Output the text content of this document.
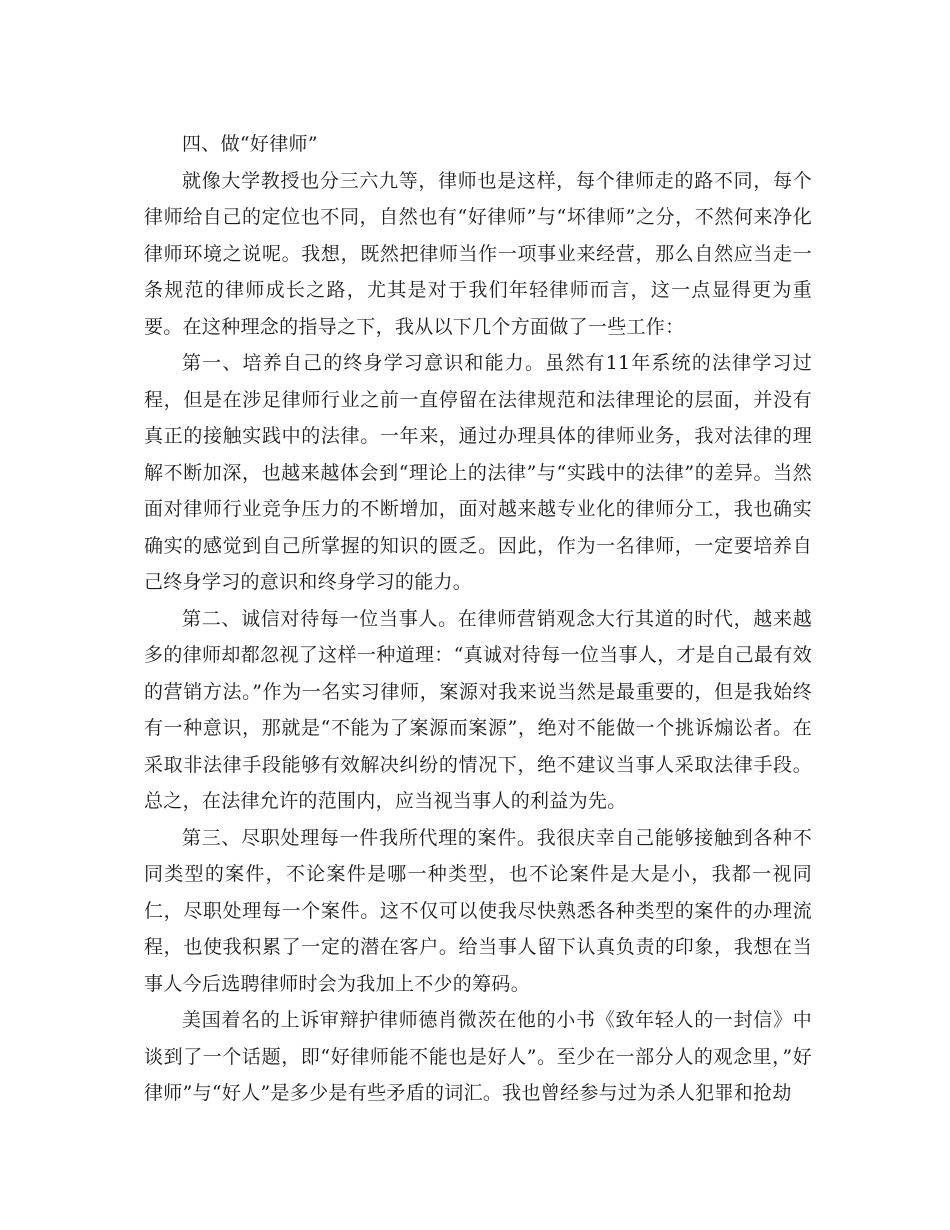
四、做“好律师”

就像大学教授也分三六九等，律师也是这样，每个律师走的路不同，每个律师给自己的定位也不同，自然也有“好律师”与“坏律师”之分，不然何来净化律师环境之说呢。我想，既然把律师当作一项事业来经营，那么自然应当走一条规范的律师成长之路，尤其是对于我们年轻律师而言，这一点显得更为重要。在这种理念的指导之下，我从以下几个方面做了一些工作：

第一、培养自己的终身学习意识和能力。虽然有11年系统的法律学习过程，但是在涉足律师行业之前一直停留在法律规范和法律理论的层面，并没有真正的接触实践中的法律。一年来，通过办理具体的律师业务，我对法律的理解不断加深，也越来越体会到“理论上的法律”与“实践中的法律”的差异。当然面对律师行业竞争压力的不断增加，面对越来越专业化的律师分工，我也确实确实的感觉到自己所掌握的知识的匮乏。因此，作为一名律师，一定要培养自己终身学习的意识和终身学习的能力。

第二、诚信对待每一位当事人。在律师营销观念大行其道的时代，越来越多的律师却都忽视了这样一种道理：“真诚对待每一位当事人，才是自己最有效的营销方法。”作为一名实习律师，案源对我来说当然是最重要的，但是我始终有一种意识，那就是“不能为了案源而案源”，绝对不能做一个挑诉煽讼者。在采取非法律手段能够有效解决纠纷的情况下，绝不建议当事人采取法律手段。总之，在法律允许的范围内，应当视当事人的利益为先。

第三、尽职处理每一件我所代理的案件。我很庆幸自己能够接触到各种不同类型的案件，不论案件是哪一种类型，也不论案件是大是小，我都一视同仁，尽职处理每一个案件。这不仅可以使我尽快熟悉各种类型的案件的办理流程，也使我积累了一定的潜在客户。给当事人留下认真负责的印象，我想在当事人今后选聘律师时会为我加上不少的筹码。

美国着名的上诉审辩护律师德肖微茨在他的小书《致年轻人的一封信》中谈到了一个话题，即“好律师能不能也是好人”。至少在一部分人的观念里，”好律师”与“好人”是多少是有些矛盾的词汇。我也曾经参与过为杀人犯罪和抢劫
